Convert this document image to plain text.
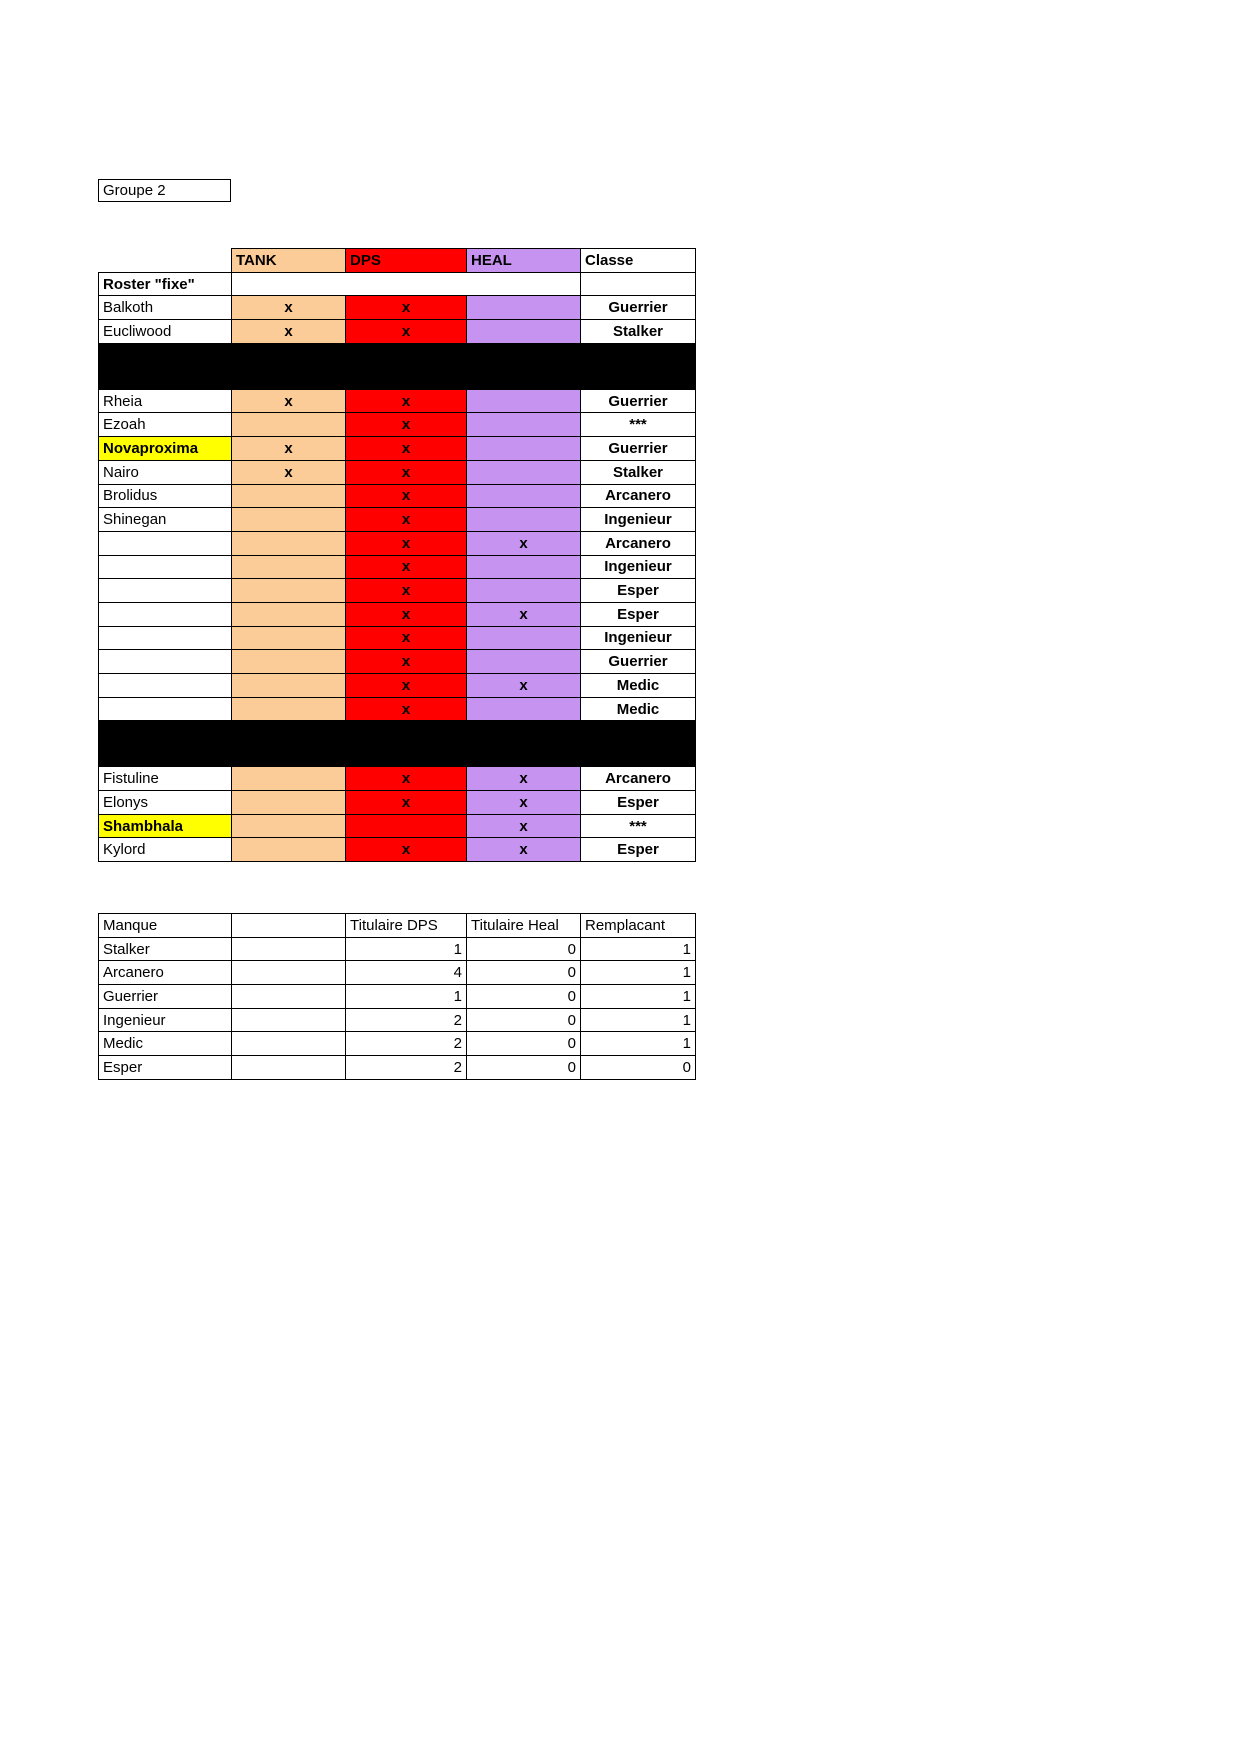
Groupe 2
	TANK	DPS	HEAL	Classe
Roster "fixe"				
Balkoth	x	x		Guerrier
Eucliwood	x	x		Stalker

Rheia	x	x		Guerrier
Ezoah		x		***
Novaproxima	x	x		Guerrier
Nairo	x	x		Stalker
Brolidus		x		Arcanero
Shinegan		x		Ingenieur
		x	x	Arcanero
		x		Ingenieur
		x		Esper
		x	x	Esper
		x		Ingenieur
		x		Guerrier
		x	x	Medic
		x		Medic

Fistuline		x	x	Arcanero
Elonys		x	x	Esper
Shambhala			x	***
Kylord		x	x	Esper
Manque		Titulaire DPS	Titulaire Heal	Remplacant
Stalker		1	0	1
Arcanero		4	0	1
Guerrier		1	0	1
Ingenieur		2	0	1
Medic		2	0	1
Esper		2	0	0
